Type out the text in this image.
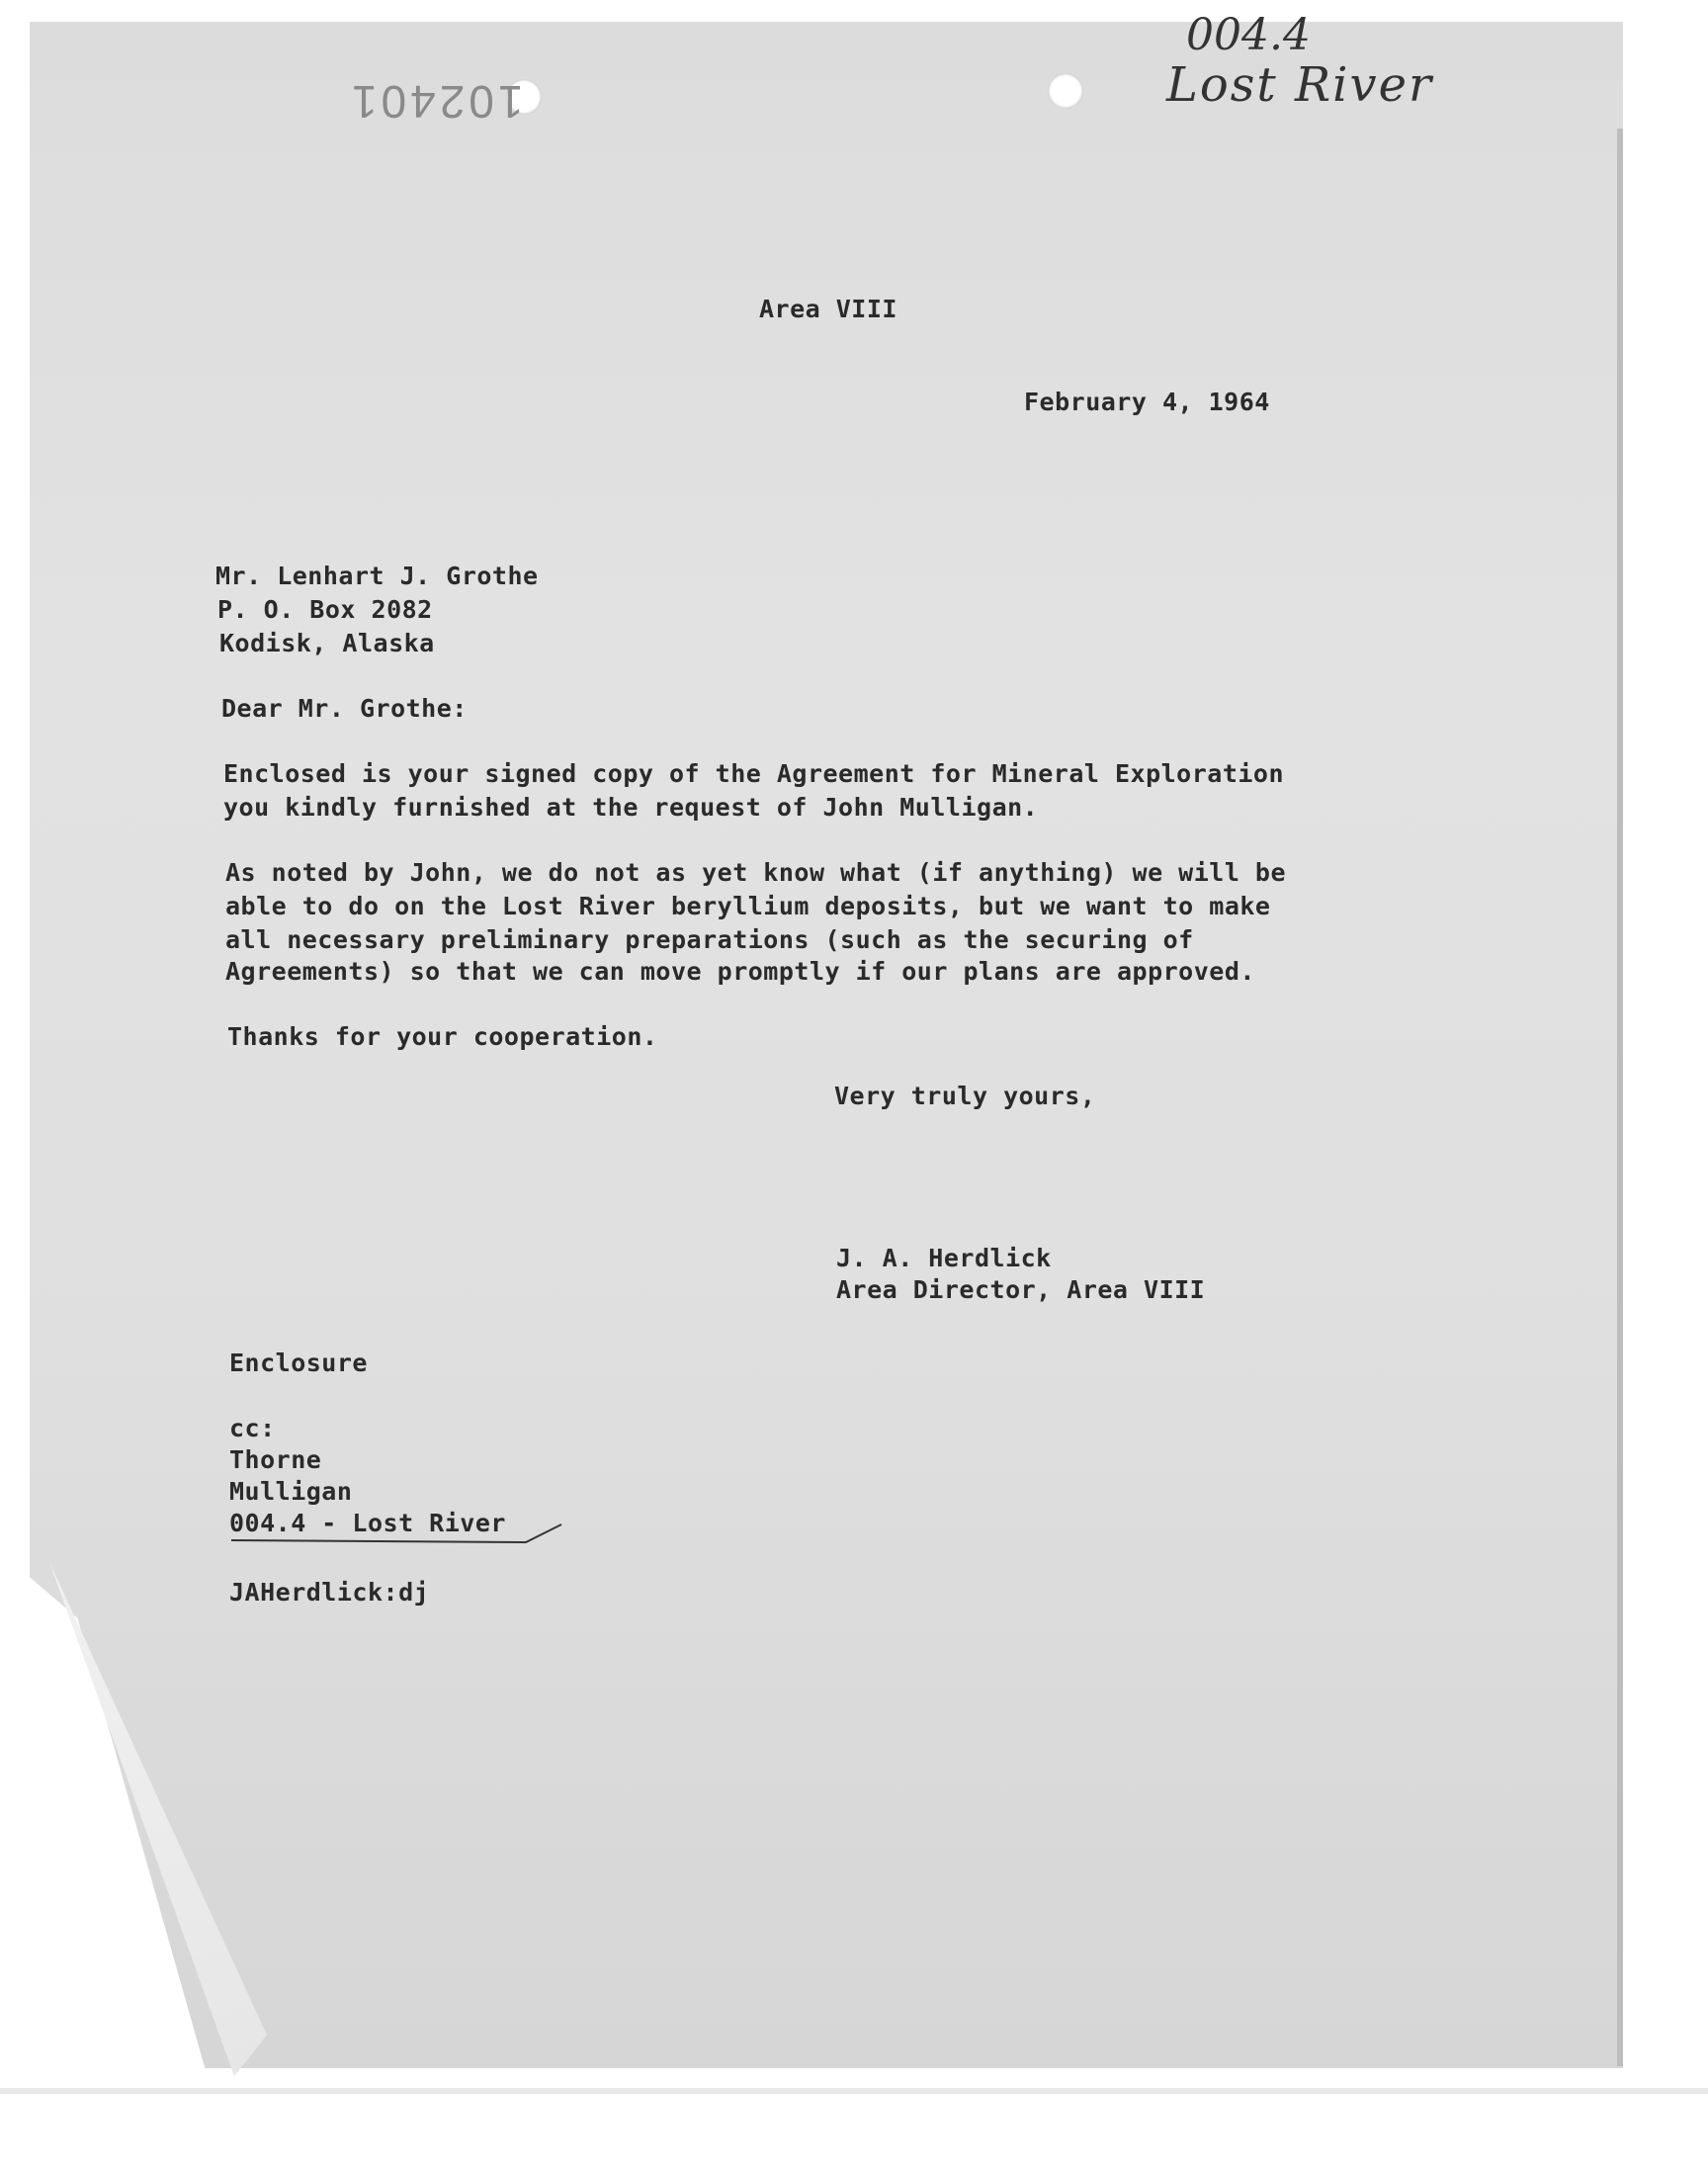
102401
004.4
Lost River
Area VIII
February 4, 1964
Mr. Lenhart J. Grothe
P. O. Box 2082
Kodisk, Alaska
Dear Mr. Grothe:
Enclosed is your signed copy of the Agreement for Mineral Exploration
you kindly furnished at the request of John Mulligan.
As noted by John, we do not as yet know what (if anything) we will be
able to do on the Lost River beryllium deposits, but we want to make
all necessary preliminary preparations (such as the securing of
Agreements) so that we can move promptly if our plans are approved.
Thanks for your cooperation.
Very truly yours,
J. A. Herdlick
Area Director, Area VIII
Enclosure
cc:
Thorne
Mulligan
004.4 - Lost River
JAHerdlick:dj
